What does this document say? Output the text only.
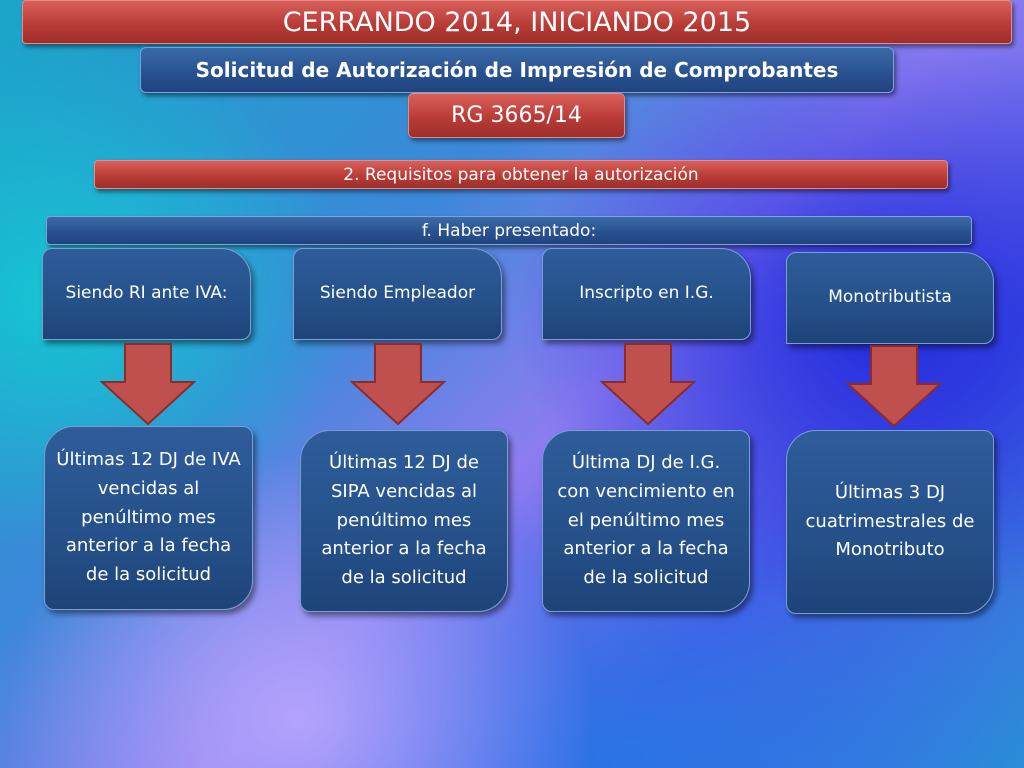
CERRANDO 2014, INICIANDO 2015
Solicitud de Autorización de Impresión de Comprobantes
RG 3665/14
2. Requisitos para obtener la autorización
f. Haber presentado:
Siendo RI ante IVA:
Últimas 12 DJ de IVA vencidas al penúltimo mes anterior a la fecha de la solicitud
Siendo Empleador
Últimas 12 DJ de SIPA vencidas al penúltimo mes anterior a la fecha de la solicitud
Inscripto en I.G.
Última DJ de I.G. con vencimiento en el penúltimo mes anterior a la fecha de la solicitud
Monotributista
Últimas 3 DJ cuatrimestrales de Monotributo
